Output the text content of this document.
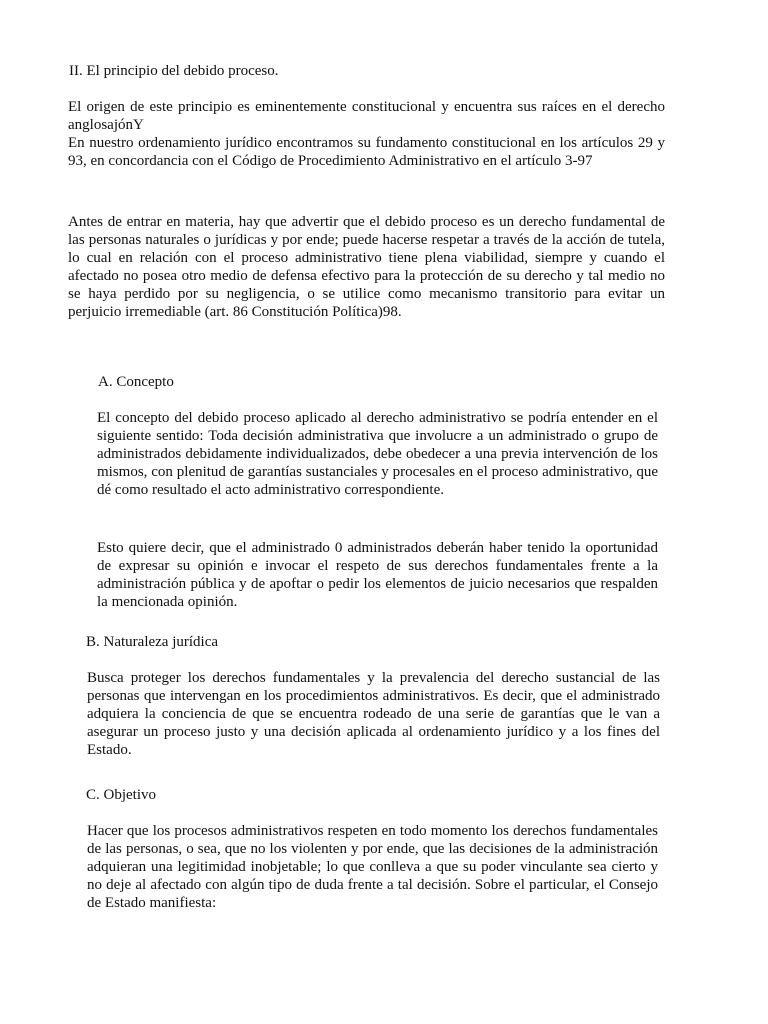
II. El principio del debido proceso.

El origen de este principio es eminentemente constitucional y encuentra sus raíces en el derecho anglosajónY

En nuestro ordenamiento jurídico encontramos su fundamento constitucional en los artículos 29 y 93, en concordancia con el Código de Procedimiento Administrativo en el artículo 3-97

Antes de entrar en materia, hay que advertir que el debido proceso es un derecho fundamental de las personas naturales o jurídicas y por ende; puede hacerse respetar a través de la acción de tutela, lo cual en relación con el proceso administrativo tiene plena viabilidad, siempre y cuando el afectado no posea otro medio de defensa efectivo para la protección de su derecho y tal medio no se haya perdido por su negligencia, o se utilice como mecanismo transitorio para evitar un perjuicio irremediable (art. 86 Constitución Política)98.

A. Concepto

El concepto del debido proceso aplicado al derecho administrativo se podría entender en el siguiente sentido: Toda decisión administrativa que involucre a un administrado o grupo de administrados debidamente individualizados, debe obedecer a una previa intervención de los mismos, con plenitud de garantías sustanciales y procesales en el proceso administrativo, que dé como resultado el acto administrativo correspondiente.

Esto quiere decir, que el administrado 0 administrados deberán haber tenido la oportunidad de expresar su opinión e invocar el respeto de sus derechos fundamentales frente a la administración pública y de apoftar o pedir los elementos de juicio necesarios que respalden la mencionada opinión.

B. Naturaleza jurídica

Busca proteger los derechos fundamentales y la prevalencia del derecho sustancial de las personas que intervengan en los procedimientos administrativos. Es decir, que el administrado adquiera la conciencia de que se encuentra rodeado de una serie de garantías que le van a asegurar un proceso justo y una decisión aplicada al ordenamiento jurídico y a los fines del Estado.

C. Objetivo

Hacer que los procesos administrativos respeten en todo momento los derechos fundamentales de las personas, o sea, que no los violenten y por ende, que las decisiones de la administración adquieran una legitimidad inobjetable; lo que conlleva a que su poder vinculante sea cierto y no deje al afectado con algún tipo de duda frente a tal decisión. Sobre el particular, el Consejo de Estado manifiesta:
